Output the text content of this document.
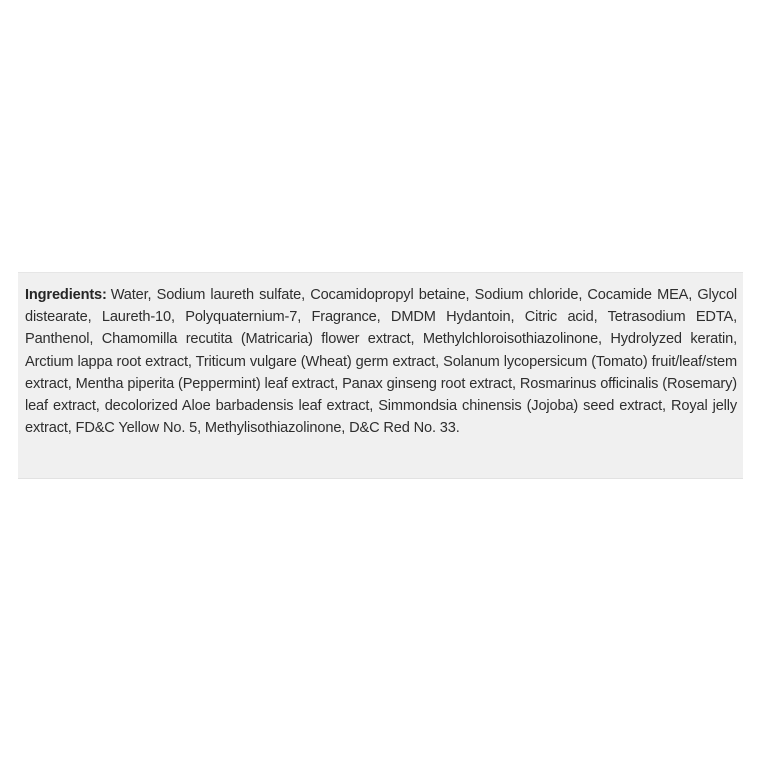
Ingredients: Water, Sodium laureth sulfate, Cocamidopropyl betaine, Sodium chloride, Cocamide MEA, Glycol distearate, Laureth-10, Polyquaternium-7, Fragrance, DMDM Hydantoin, Citric acid, Tetrasodium EDTA, Panthenol, Chamomilla recutita (Matricaria) flower extract, Methylchloroisothiazolinone, Hydrolyzed keratin, Arctium lappa root extract, Triticum vulgare (Wheat) germ extract, Solanum lycopersicum (Tomato) fruit/leaf/stem extract, Mentha piperita (Peppermint) leaf extract, Panax ginseng root extract, Rosmarinus officinalis (Rosemary) leaf extract, decolorized Aloe barbadensis leaf extract, Simmondsia chinensis (Jojoba) seed extract, Royal jelly extract, FD&C Yellow No. 5, Methylisothiazolinone, D&C Red No. 33.
